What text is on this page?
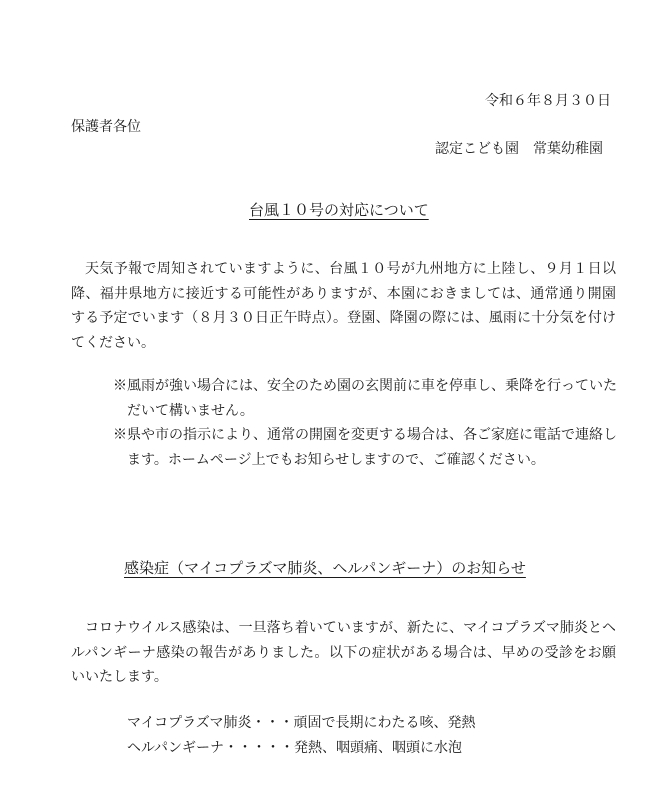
令和６年８月３０日
保護者各位
認定こども園　常葉幼稚園
台風１０号の対応について
天気予報で周知されていますように、台風１０号が九州地方に上陸し、９月１日以降、福井県地方に接近する可能性がありますが、本園におきましては、通常通り開園する予定でいます（８月３０日正午時点）。登園、降園の際には、風雨に十分気を付けてください。
※風雨が強い場合には、安全のため園の玄関前に車を停車し、乗降を行っていただいて構いません。
※県や市の指示により、通常の開園を変更する場合は、各ご家庭に電話で連絡します。ホームページ上でもお知らせしますので、ご確認ください。
感染症（マイコプラズマ肺炎、ヘルパンギーナ）のお知らせ
コロナウイルス感染は、一旦落ち着いていますが、新たに、マイコプラズマ肺炎とヘルパンギーナ感染の報告がありました。以下の症状がある場合は、早めの受診をお願いいたします。
マイコプラズマ肺炎・・・頑固で長期にわたる咳、発熱
ヘルパンギーナ・・・・・発熱、咽頭痛、咽頭に水泡
